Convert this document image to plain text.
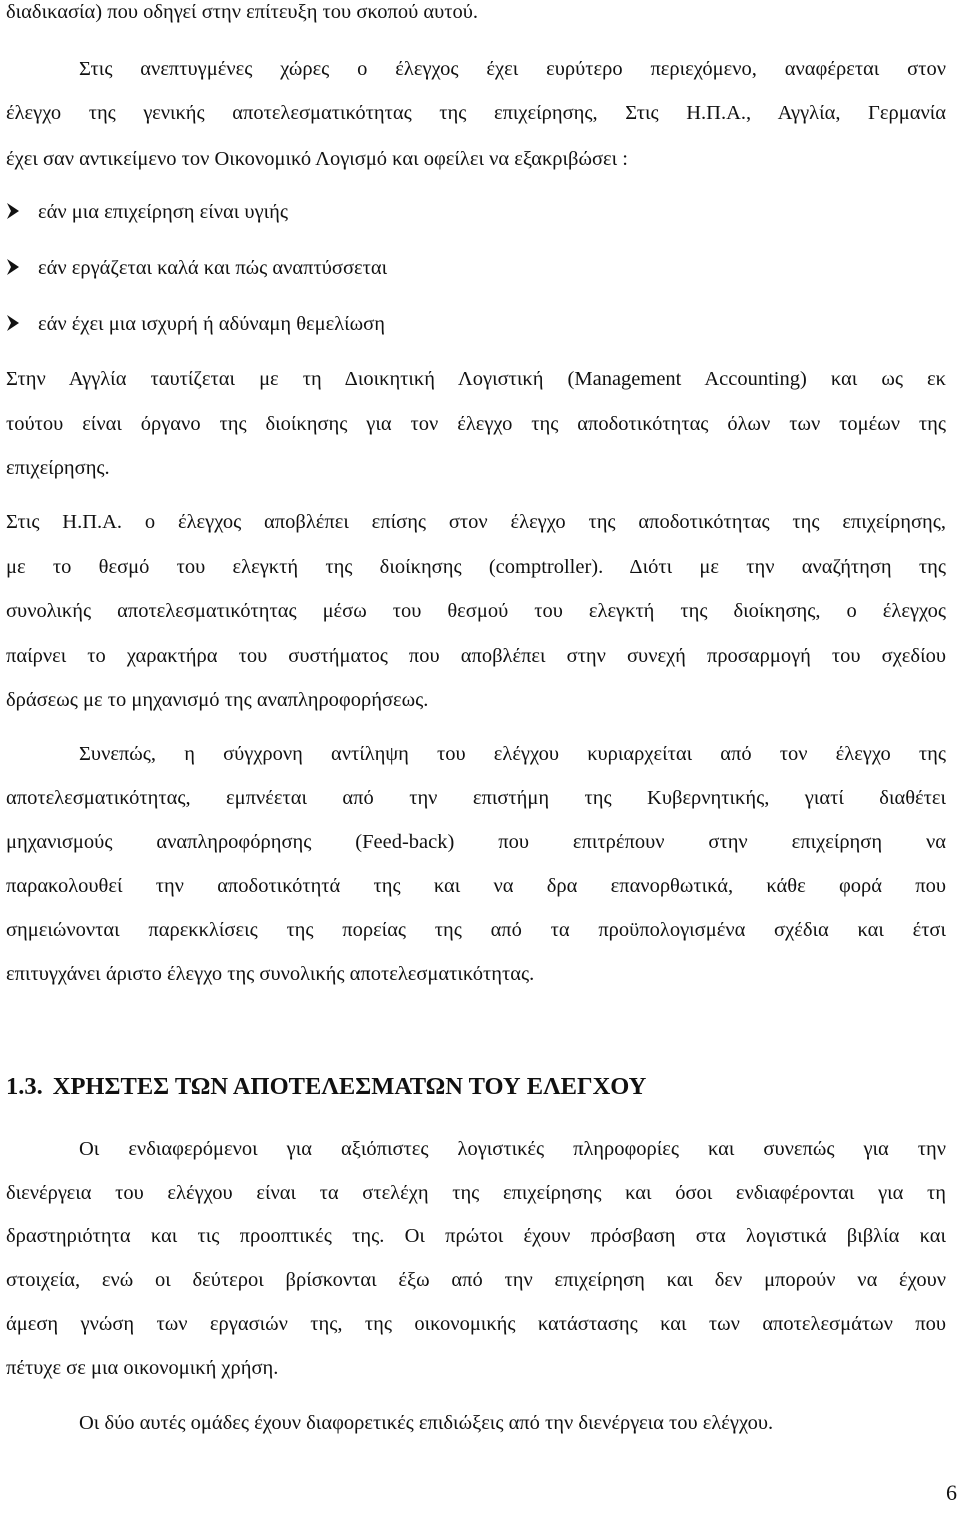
διαδικασία) που οδηγεί στην επίτευξη του σκοπού αυτού.
Στις ανεπτυγμένες χώρες ο έλεγχος έχει ευρύτερο περιεχόμενο, αναφέρεται στον
έλεγχο της γενικής αποτελεσματικότητας της επιχείρησης, Στις Η.Π.Α., Αγγλία, Γερμανία
έχει σαν αντικείμενο τον Οικονομικό Λογισμό και οφείλει να εξακριβώσει :
εάν μια επιχείρηση είναι υγιής
εάν εργάζεται καλά και πώς αναπτύσσεται
εάν έχει μια ισχυρή ή αδύναμη θεμελίωση
Στην Αγγλία ταυτίζεται με τη Διοικητική Λογιστική (Management Accounting) και ως εκ
τούτου είναι όργανο της διοίκησης για τον έλεγχο της αποδοτικότητας όλων των τομέων της
επιχείρησης.
Στις Η.Π.Α. ο έλεγχος αποβλέπει επίσης στον έλεγχο της αποδοτικότητας της επιχείρησης,
με το θεσμό του ελεγκτή της διοίκησης (comptroller). Διότι με την αναζήτηση της
συνολικής αποτελεσματικότητας μέσω του θεσμού του ελεγκτή της διοίκησης, ο έλεγχος
παίρνει το χαρακτήρα του συστήματος που αποβλέπει στην συνεχή προσαρμογή του σχεδίου
δράσεως με το μηχανισμό της αναπληροφορήσεως.
Συνεπώς, η σύγχρονη αντίληψη του ελέγχου κυριαρχείται από τον έλεγχο της
αποτελεσματικότητας, εμπνέεται από την επιστήμη της Κυβερνητικής, γιατί διαθέτει
μηχανισμούς αναπληροφόρησης (Feed-back) που επιτρέπουν στην επιχείρηση να
παρακολουθεί την αποδοτικότητά της και να δρα επανορθωτικά, κάθε φορά που
σημειώνονται παρεκκλίσεις της πορείας της από τα προϋπολογισμένα σχέδια και έτσι
επιτυγχάνει άριστο έλεγχο της συνολικής αποτελεσματικότητας.
1.3. ΧΡΗΣΤΕΣ ΤΩΝ ΑΠΟΤΕΛΕΣΜΑΤΩΝ ΤΟΥ ΕΛΕΓΧΟΥ
Οι ενδιαφερόμενοι για αξιόπιστες λογιστικές πληροφορίες και συνεπώς για την
διενέργεια του ελέγχου είναι τα στελέχη της επιχείρησης και όσοι ενδιαφέρονται για τη
δραστηριότητα και τις προοπτικές της. Οι πρώτοι έχουν πρόσβαση στα λογιστικά βιβλία και
στοιχεία, ενώ οι δεύτεροι βρίσκονται έξω από την επιχείρηση και δεν μπορούν να έχουν
άμεση γνώση των εργασιών της, της οικονομικής κατάστασης και των αποτελεσμάτων που
πέτυχε σε μια οικονομική χρήση.
Οι δύο αυτές ομάδες έχουν διαφορετικές επιδιώξεις από την διενέργεια του ελέγχου.
6
